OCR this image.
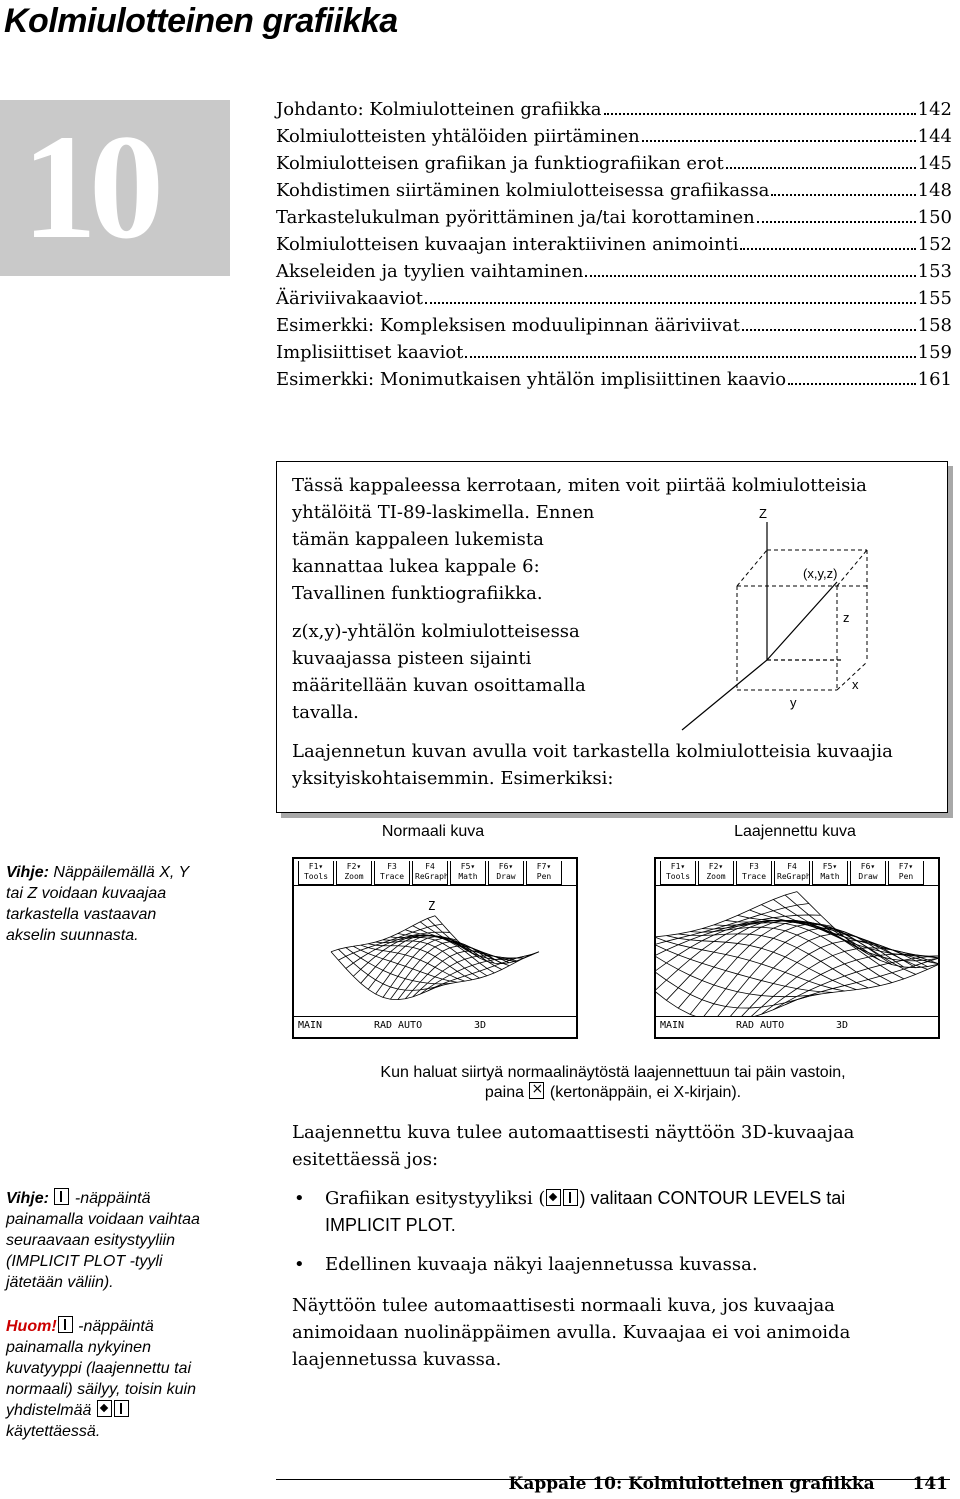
Kolmiulotteinen grafiikka
10	Johdanto: Kolmiulotteinen grafiikka	142
Kolmiulotteisten yhtälöiden piirtäminen	144
Kolmiulotteisen grafiikan ja funktiografiikan erot	145
Kohdistimen siirtäminen kolmiulotteisessa grafiikassa	148
Tarkastelukulman pyörittäminen ja/tai korottaminen	150
Kolmiulotteisen kuvaajan interaktiivinen animointi	152
Akseleiden ja tyylien vaihtaminen	153
Ääriviivakaaviot	155
Esimerkki: Kompleksisen moduulipinnan ääriviivat	158
Implisiittiset kaaviot	159
Esimerkki: Monimutkaisen yhtälön implisiittinen kaavio	161
Tässä kappaleessa kerrotaan, miten voit piirtää kolmiulotteisia
yhtälöitä TI-89-laskimella. Ennen
tämän kappaleen lukemista
kannattaa lukea kappale 6:
Tavallinen funktiografiikka.
z(x,y)-yhtälön kolmiulotteisessa
kuvaajassa pisteen sijainti
määritellään kuvan osoittamalla
tavalla.
Laajennetun kuvan avulla voit tarkastella kolmiulotteisia kuvaajia
yksityiskohtaisemmin. Esimerkiksi:
Z
(x,y,z)
z
y
x
Normaali kuva	Laajennettu kuva
F1▾ Tools
F2▾ Zoom
F3 Trace
F4 ReGraph
F5▾ Math
F6▾ Draw
F7▾ Pen
Z
MAIN	RAD AUTO	3D
F1▾ Tools
F2▾ Zoom
F3 Trace
F4 ReGraph
F5▾ Math
F6▾ Draw
F7▾ Pen
MAIN	RAD AUTO	3D
Kun haluat siirtyä normaalinäytöstä laajennettuun tai päin vastoin,
paina × (kertonäppäin, ei X-kirjain).
Vihje: Näppäilemällä X, Y
tai Z voidaan kuvaajaa
tarkastella vastaavan
akselin suunnasta.
Laajennettu kuva tulee automaattisesti näyttöön 3D-kuvaajaa
esitettäessä jos:
• Grafiikan esitystyyliksi ( ) valitaan CONTOUR LEVELS tai
IMPLICIT PLOT.
• Edellinen kuvaaja näkyi laajennetussa kuvassa.
Näyttöön tulee automaattisesti normaali kuva, jos kuvaajaa
animoidaan nuolinäppäimen avulla. Kuvaajaa ei voi animoida
laajennetussa kuvassa.
Vihje: -näppäintä
painamalla voidaan vaihtaa
seuraavaan esitystyyliin
(IMPLICIT PLOT -tyyli
jätetään väliin).
Huom! -näppäintä
painamalla nykyinen
kuvatyyppi (laajennettu tai
normaali) säilyy, toisin kuin
yhdistelmää
käytettäessä.
Kappale 10: Kolmiulotteinen grafiikka 141
